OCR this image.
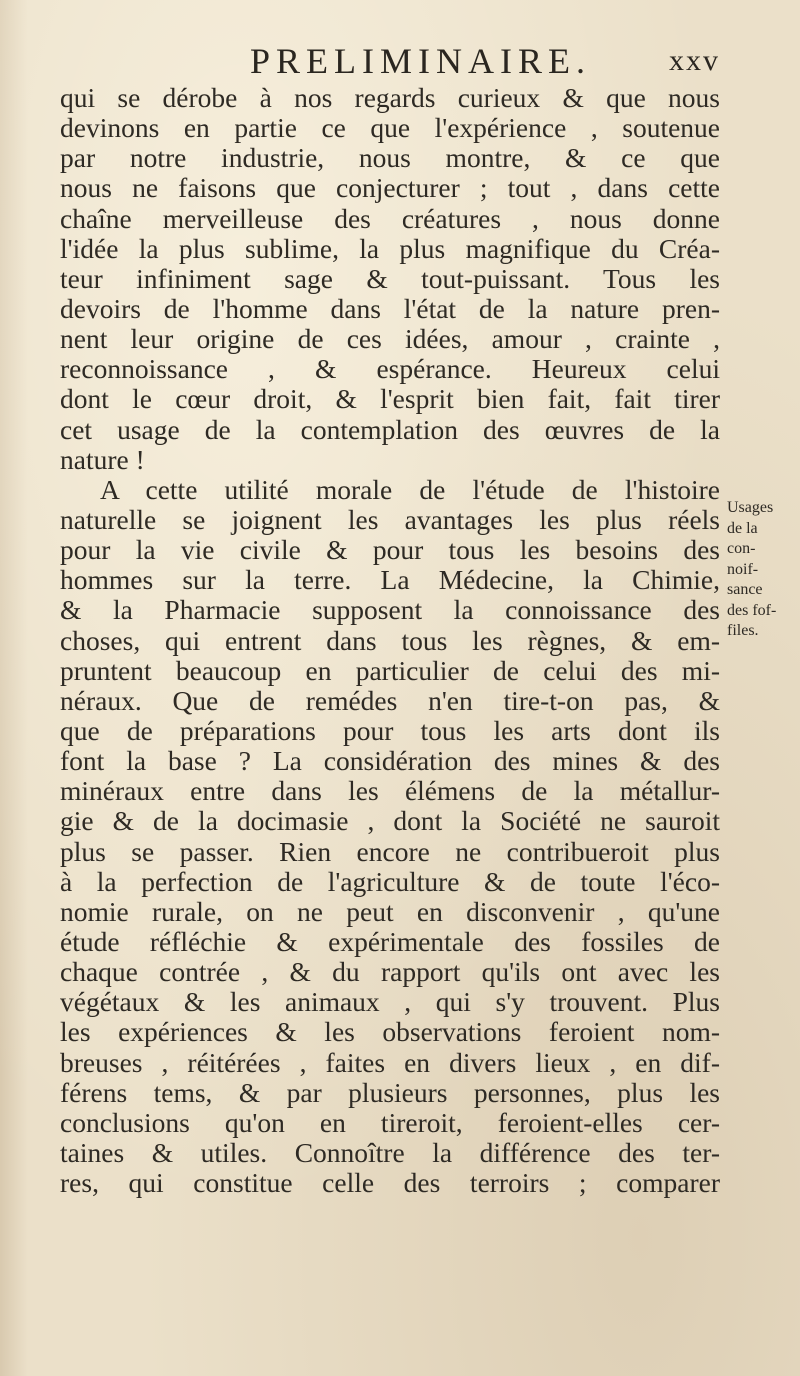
PRELIMINAIRE.	xxv
qui se dérobe à nos regards curieux & que nous
devinons en partie ce que l'expérience , soutenue
par notre industrie, nous montre, & ce que
nous ne faisons que conjecturer ; tout , dans cette
chaîne merveilleuse des créatures , nous donne
l'idée la plus sublime, la plus magnifique du Créa-
teur infiniment sage & tout-puissant. Tous les
devoirs de l'homme dans l'état de la nature pren-
nent leur origine de ces idées, amour , crainte ,
reconnoissance , & espérance. Heureux celui
dont le cœur droit, & l'esprit bien fait, fait tirer
cet usage de la contemplation des œuvres de la
nature !
A cette utilité morale de l'étude de l'histoire
naturelle se joignent les avantages les plus réels
pour la vie civile & pour tous les besoins des
hommes sur la terre. La Médecine, la Chimie,
& la Pharmacie supposent la connoissance des
choses, qui entrent dans tous les règnes, & em-
pruntent beaucoup en particulier de celui des mi-
néraux. Que de remédes n'en tire-t-on pas, &
que de préparations pour tous les arts dont ils
font la base ? La considération des mines & des
minéraux entre dans les élémens de la métallur-
gie & de la docimasie , dont la Société ne sauroit
plus se passer. Rien encore ne contribueroit plus
à la perfection de l'agriculture & de toute l'éco-
nomie rurale, on ne peut en disconvenir , qu'une
étude réfléchie & expérimentale des fossiles de
chaque contrée , & du rapport qu'ils ont avec les
végétaux & les animaux , qui s'y trouvent. Plus
les expériences & les observations feroient nom-
breuses , réitérées , faites en divers lieux , en dif-
férens tems, & par plusieurs personnes, plus les
conclusions qu'on en tireroit, feroient-elles cer-
taines & utiles. Connoître la différence des ter-
res, qui constitue celle des terroirs ; comparer
Usages
de la
con-
noif-
sance
des fof-
files.
